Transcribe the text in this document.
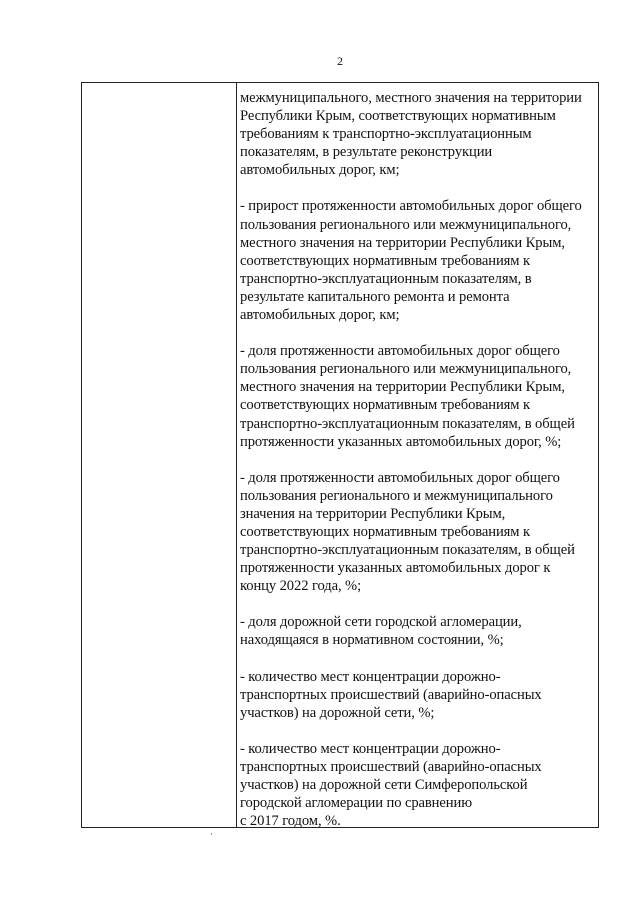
2

межмуниципального, местного значения на территории
Республики Крым, соответствующих нормативным
требованиям к транспортно-эксплуатационным
показателям, в результате реконструкции
автомобильных дорог, км;

- прирост протяженности автомобильных дорог общего
пользования регионального или межмуниципального,
местного значения на территории Республики Крым,
соответствующих нормативным требованиям к
транспортно-эксплуатационным показателям, в
результате капитального ремонта и ремонта
автомобильных дорог, км;

- доля протяженности автомобильных дорог общего
пользования регионального или межмуниципального,
местного значения на территории Республики Крым,
соответствующих нормативным требованиям к
транспортно-эксплуатационным показателям, в общей
протяженности указанных автомобильных дорог, %;

- доля протяженности автомобильных дорог общего
пользования регионального и межмуниципального
значения на территории Республики Крым,
соответствующих нормативным требованиям к
транспортно-эксплуатационным показателям, в общей
протяженности указанных автомобильных дорог к
концу 2022 года, %;

- доля дорожной сети городской агломерации,
находящаяся в нормативном состоянии, %;

- количество мест концентрации дорожно-
транспортных происшествий (аварийно-опасных
участков) на дорожной сети, %;

- количество мест концентрации дорожно-
транспортных происшествий (аварийно-опасных
участков) на дорожной сети Симферопольской
городской агломерации по сравнению
с 2017 годом, %.
